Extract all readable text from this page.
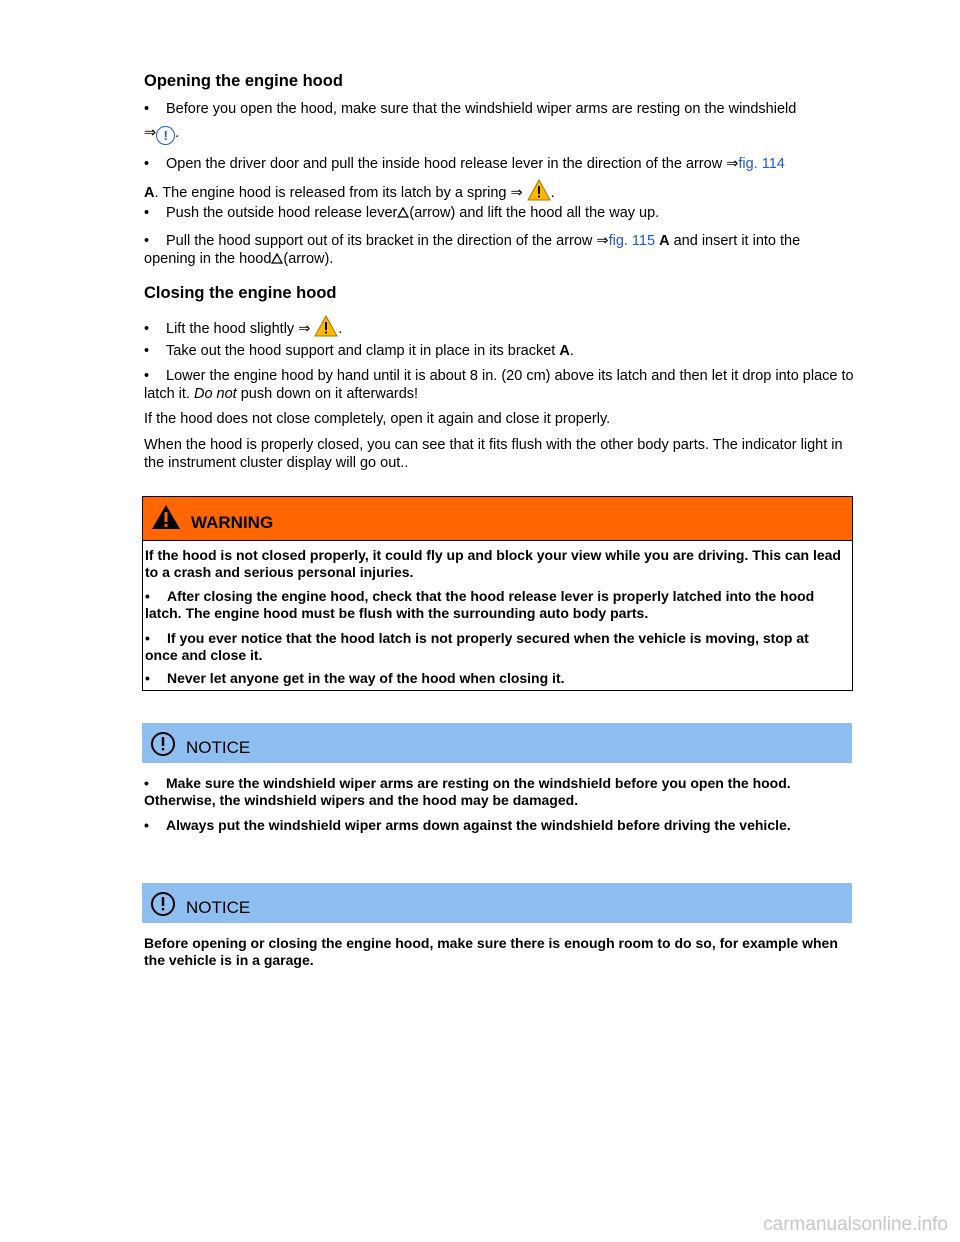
Opening the engine hood
• Before you open the hood, make sure that the windshield wiper arms are resting on the windshield
⇒ ! .
• Open the driver door and pull the inside hood release lever in the direction of the arrow ⇒fig. 114
A. The engine hood is released from its latch by a spring ⇒ .
• Push the outside hood release lever (arrow) and lift the hood all the way up.
• Pull the hood support out of its bracket in the direction of the arrow ⇒fig. 115 A and insert it into the opening in the hood (arrow).
Closing the engine hood
• Lift the hood slightly ⇒ .
• Take out the hood support and clamp it in place in its bracket A.
• Lower the engine hood by hand until it is about 8 in. (20 cm) above its latch and then let it drop into place to latch it. Do not push down on it afterwards!
If the hood does not close completely, open it again and close it properly.
When the hood is properly closed, you can see that it fits flush with the other body parts. The indicator light in the instrument cluster display will go out..
WARNING
If the hood is not closed properly, it could fly up and block your view while you are driving. This can lead to a crash and serious personal injuries.
• After closing the engine hood, check that the hood release lever is properly latched into the hood latch. The engine hood must be flush with the surrounding auto body parts.
• If you ever notice that the hood latch is not properly secured when the vehicle is moving, stop at once and close it.
• Never let anyone get in the way of the hood when closing it.
NOTICE
• Make sure the windshield wiper arms are resting on the windshield before you open the hood. Otherwise, the windshield wipers and the hood may be damaged.
• Always put the windshield wiper arms down against the windshield before driving the vehicle.
NOTICE
Before opening or closing the engine hood, make sure there is enough room to do so, for example when the vehicle is in a garage.
carmanualsonline.info
